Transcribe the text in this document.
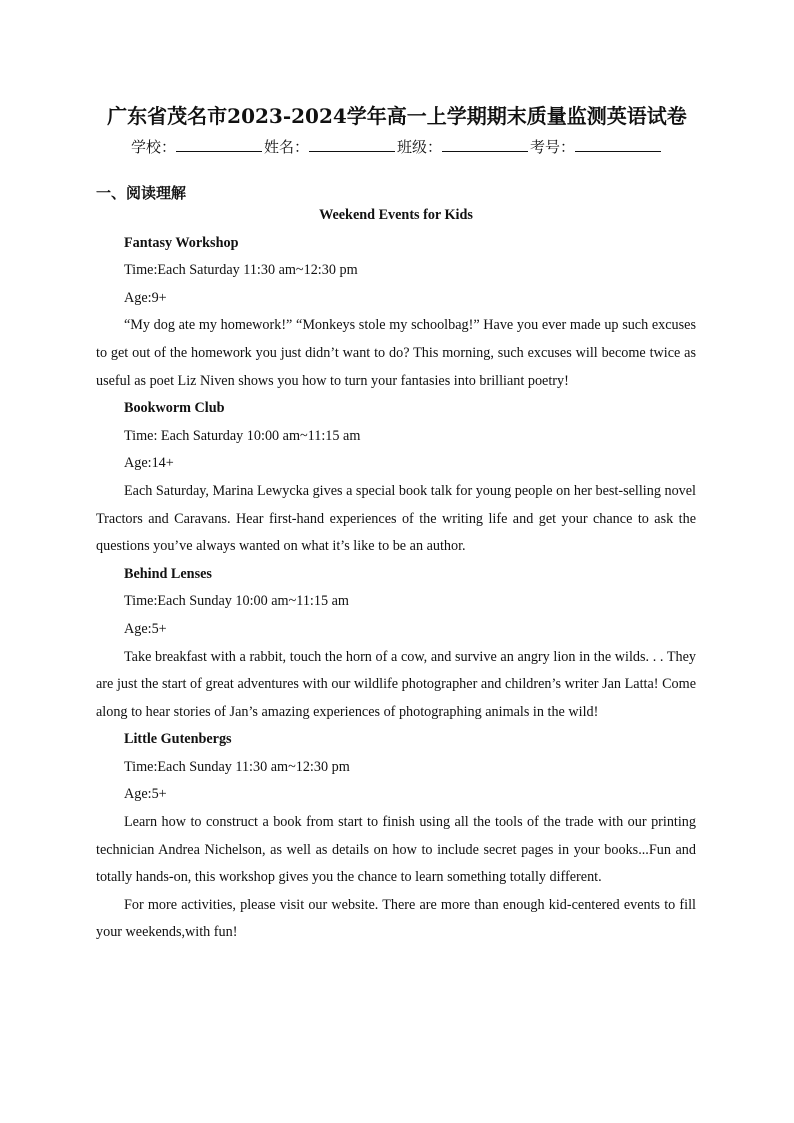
广东省茂名市2023-2024学年高一上学期期末质量监测英语试卷
学校：	姓名：	班级：	考号：
一、阅读理解

Weekend Events for Kids

Fantasy Workshop

Time:Each Saturday 11:30 am~12:30 pm

Age:9+

“My dog ate my homework!” “Monkeys stole my schoolbag!” Have you ever made up such excuses to get out of the homework you just didn’t want to do? This morning, such excuses will become twice as useful as poet Liz Niven shows you how to turn your fantasies into brilliant poetry!

Bookworm Club

Time: Each Saturday 10:00 am~11:15 am

Age:14+

Each Saturday, Marina Lewycka gives a special book talk for young people on her best-selling novel Tractors and Caravans. Hear first-hand experiences of the writing life and get your chance to ask the questions you’ve always wanted on what it’s like to be an author.

Behind Lenses

Time:Each Sunday 10:00 am~11:15 am

Age:5+

Take breakfast with a rabbit, touch the horn of a cow, and survive an angry lion in the wilds. . . They are just the start of great adventures with our wildlife photographer and children’s writer Jan Latta! Come along to hear stories of Jan’s amazing experiences of photographing animals in the wild!

Little Gutenbergs

Time:Each Sunday 11:30 am~12:30 pm

Age:5+

Learn how to construct a book from start to finish using all the tools of the trade with our printing technician Andrea Nichelson, as well as details on how to include secret pages in your books...Fun and totally hands-on, this workshop gives you the chance to learn something totally different.

For more activities, please visit our website. There are more than enough kid-centered events to fill your weekends,with fun!
